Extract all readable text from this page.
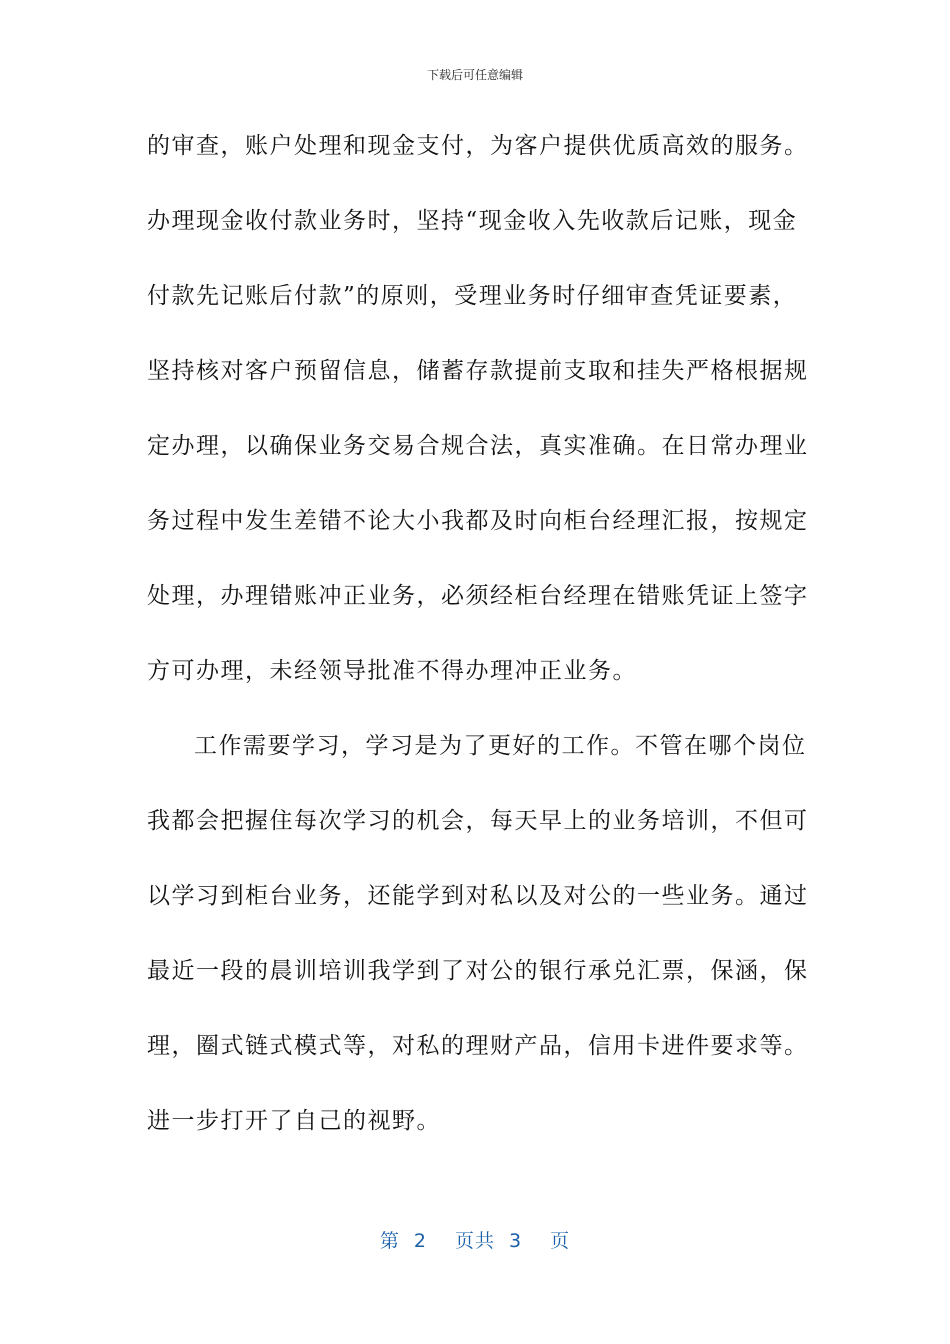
下载后可任意编辑
的审查，账户处理和现金支付，为客户提供优质高效的服务。
办理现金收付款业务时，坚持“现金收入先收款后记账，现金
付款先记账后付款”的原则，受理业务时仔细审查凭证要素，
坚持核对客户预留信息，储蓄存款提前支取和挂失严格根据规
定办理，以确保业务交易合规合法，真实准确。在日常办理业
务过程中发生差错不论大小我都及时向柜台经理汇报，按规定
处理，办理错账冲正业务，必须经柜台经理在错账凭证上签字
方可办理，未经领导批准不得办理冲正业务。
工作需要学习，学习是为了更好的工作。不管在哪个岗位
我都会把握住每次学习的机会，每天早上的业务培训，不但可
以学习到柜台业务，还能学到对私以及对公的一些业务。通过
最近一段的晨训培训我学到了对公的银行承兑汇票，保涵，保
理，圈式链式模式等，对私的理财产品，信用卡进件要求等。
进一步打开了自己的视野。
第 2 页共 3 页
